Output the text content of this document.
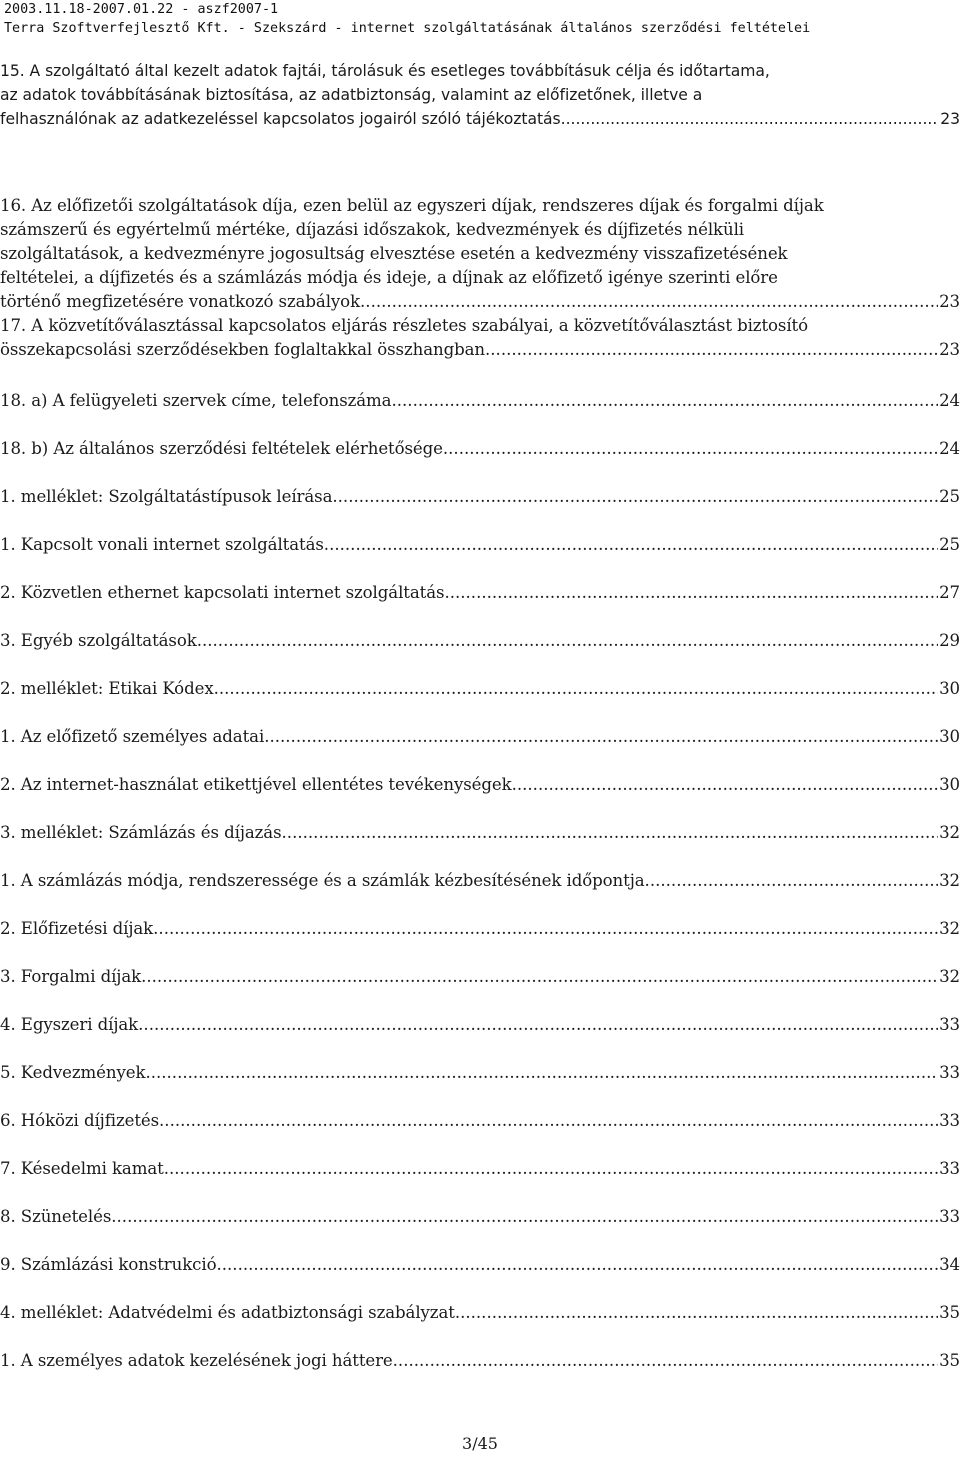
2003.11.18-2007.01.22 - aszf2007-1
Terra Szoftverfejlesztő Kft. - Szekszárd - internet szolgáltatásának általános szerződési feltételei
15. A szolgáltató által kezelt adatok fajtái, tárolásuk és esetleges továbbításuk célja és időtartama,
az adatok továbbításának biztosítása, az adatbiztonság, valamint az előfizetőnek, illetve a
felhasználónak az adatkezeléssel kapcsolatos jogairól szóló tájékoztatás .....	23
16. Az előfizetői szolgáltatások díja, ezen belül az egyszeri díjak, rendszeres díjak és forgalmi díjak
számszerű és egyértelmű mértéke, díjazási időszakok, kedvezmények és díjfizetés nélküli
szolgáltatások, a kedvezményre jogosultság elvesztése esetén a kedvezmény visszafizetésének
feltételei, a díjfizetés és a számlázás módja és ideje, a díjnak az előfizető igénye szerinti előre
történő megfizetésére vonatkozó szabályok .....	23
17. A közvetítőválasztással kapcsolatos eljárás részletes szabályai, a közvetítőválasztást biztosító
összekapcsolási szerződésekben foglaltakkal összhangban .....	23
18. a) A felügyeleti szervek címe, telefonszáma .....	24
18. b) Az általános szerződési feltételek elérhetősége .....	24
1. melléklet: Szolgáltatástípusok leírása .....	25
1. Kapcsolt vonali internet szolgáltatás .....	25
2. Közvetlen ethernet kapcsolati internet szolgáltatás .....	27
3. Egyéb szolgáltatások .....	29
2. melléklet: Etikai Kódex .....	30
1. Az előfizető személyes adatai .....	30
2. Az internet-használat etikettjével ellentétes tevékenységek .....	30
3. melléklet: Számlázás és díjazás .....	32
1. A számlázás módja, rendszeressége és a számlák kézbesítésének időpontja .....	32
2. Előfizetési díjak .....	32
3. Forgalmi díjak .....	32
4. Egyszeri díjak .....	33
5. Kedvezmények .....	33
6. Hóközi díjfizetés .....	33
7. Késedelmi kamat .....	33
8. Szünetelés .....	33
9. Számlázási konstrukció .....	34
4. melléklet: Adatvédelmi és adatbiztonsági szabályzat .....	35
1. A személyes adatok kezelésének jogi háttere .....	35
3/45
